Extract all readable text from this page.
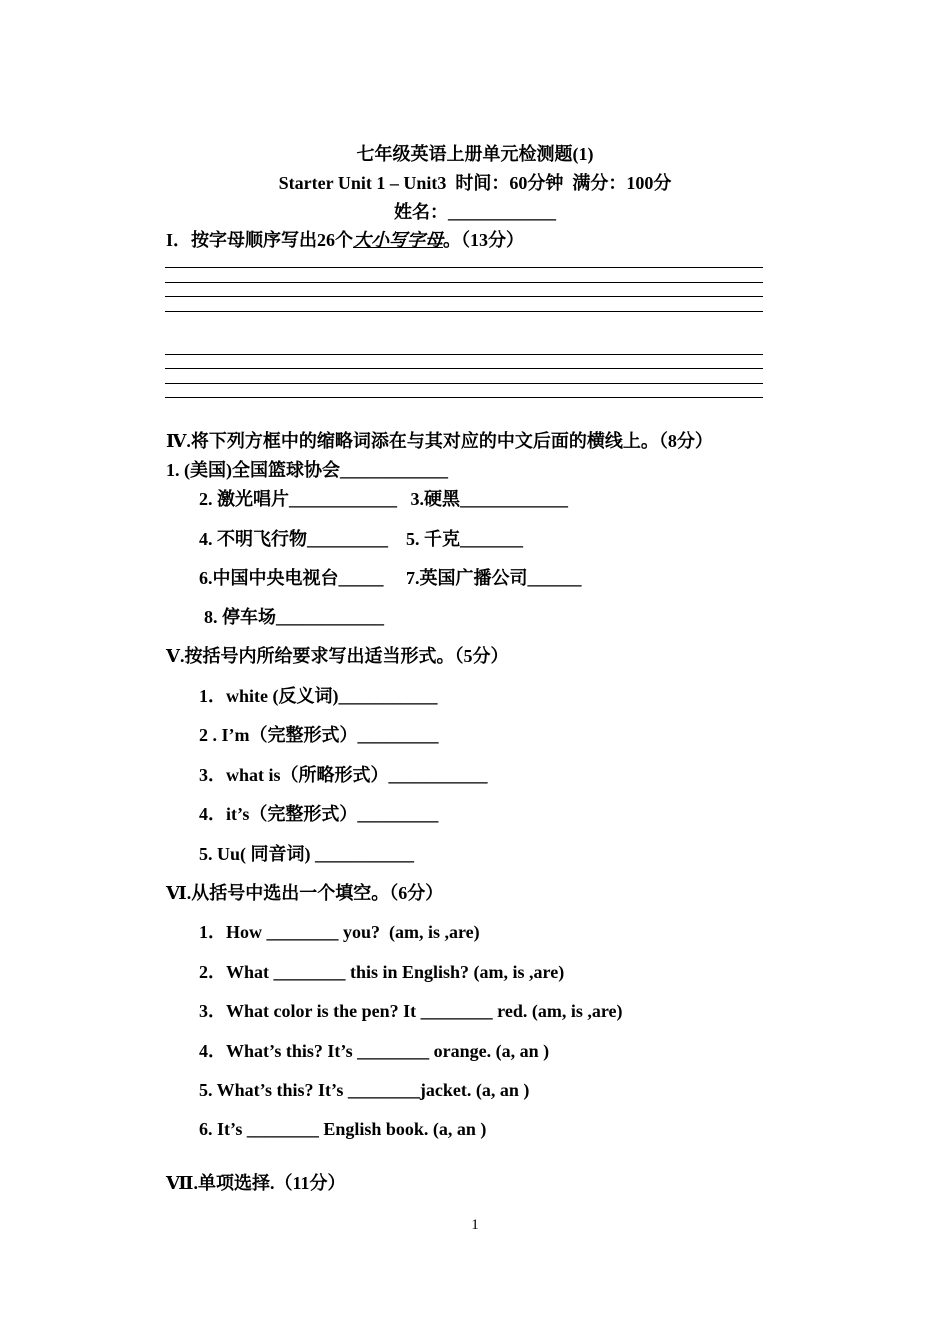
七年级英语上册单元检测题(1)
Starter Unit 1 – Unit3  时间：60分钟  满分：100分
姓名：____________
I．按字母顺序写出26个大小写字母。（13分）
Ⅳ.将下列方框中的缩略词添在与其对应的中文后面的横线上。（8分）
1. (美国)全国篮球协会____________
2. 激光唱片____________   3.硬黑____________
4. 不明飞行物_________    5. 千克_______
6.中国中央电视台_____     7.英国广播公司______
8. 停车场____________
Ⅴ.按括号内所给要求写出适当形式。（5分）
1．white (反义词)___________
2 . I’m（完整形式）_________
3．what is（所略形式）___________
4．it’s（完整形式）_________
5. Uu( 同音词) ___________
Ⅵ.从括号中选出一个填空。（6分）
1．How ________ you?  (am, is ,are)
2．What ________ this in English? (am, is ,are)
3．What color is the pen? It ________ red. (am, is ,are)
4．What’s this? It’s ________ orange. (a, an )
5. What’s this? It’s ________jacket. (a, an )
6. It’s ________ English book. (a, an )
Ⅶ.单项选择.（11分）
1
